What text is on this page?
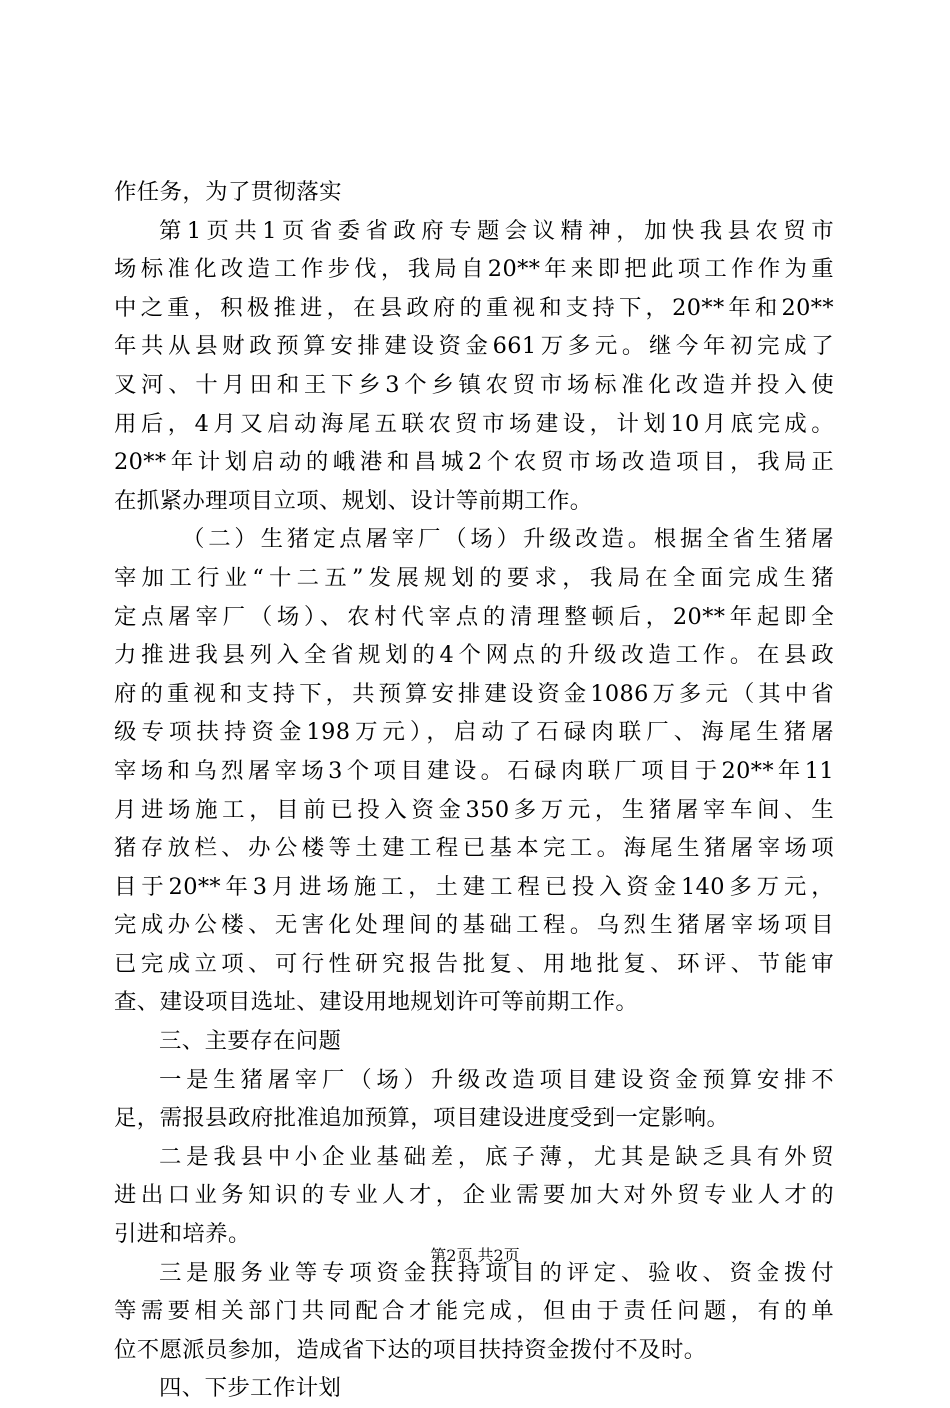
作任务，为了贯彻落实
第1页共1页省委省政府专题会议精神，加快我县农贸市
场标准化改造工作步伐，我局自20**年来即把此项工作作为重
中之重，积极推进，在县政府的重视和支持下，20**年和20**
年共从县财政预算安排建设资金661万多元。继今年初完成了
叉河、十月田和王下乡3个乡镇农贸市场标准化改造并投入使
用后，4月又启动海尾五联农贸市场建设，计划10月底完成。
20**年计划启动的峨港和昌城2个农贸市场改造项目，我局正
在抓紧办理项目立项、规划、设计等前期工作。
（二）生猪定点屠宰厂（场）升级改造。根据全省生猪屠
宰加工行业“十二五”发展规划的要求，我局在全面完成生猪
定点屠宰厂（场）、农村代宰点的清理整顿后，20**年起即全
力推进我县列入全省规划的4个网点的升级改造工作。在县政
府的重视和支持下，共预算安排建设资金1086万多元（其中省
级专项扶持资金198万元），启动了石碌肉联厂、海尾生猪屠
宰场和乌烈屠宰场3个项目建设。石碌肉联厂项目于20**年11
月进场施工，目前已投入资金350多万元，生猪屠宰车间、生
猪存放栏、办公楼等土建工程已基本完工。海尾生猪屠宰场项
目于20**年3月进场施工，土建工程已投入资金140多万元，
完成办公楼、无害化处理间的基础工程。乌烈生猪屠宰场项目
已完成立项、可行性研究报告批复、用地批复、环评、节能审
查、建设项目选址、建设用地规划许可等前期工作。
三、主要存在问题
一是生猪屠宰厂（场）升级改造项目建设资金预算安排不
足，需报县政府批准追加预算，项目建设进度受到一定影响。
二是我县中小企业基础差，底子薄，尤其是缺乏具有外贸
进出口业务知识的专业人才，企业需要加大对外贸专业人才的
引进和培养。
三是服务业等专项资金扶持项目的评定、验收、资金拨付
等需要相关部门共同配合才能完成，但由于责任问题，有的单
位不愿派员参加，造成省下达的项目扶持资金拨付不及时。
四、下步工作计划
第2页 共2页
